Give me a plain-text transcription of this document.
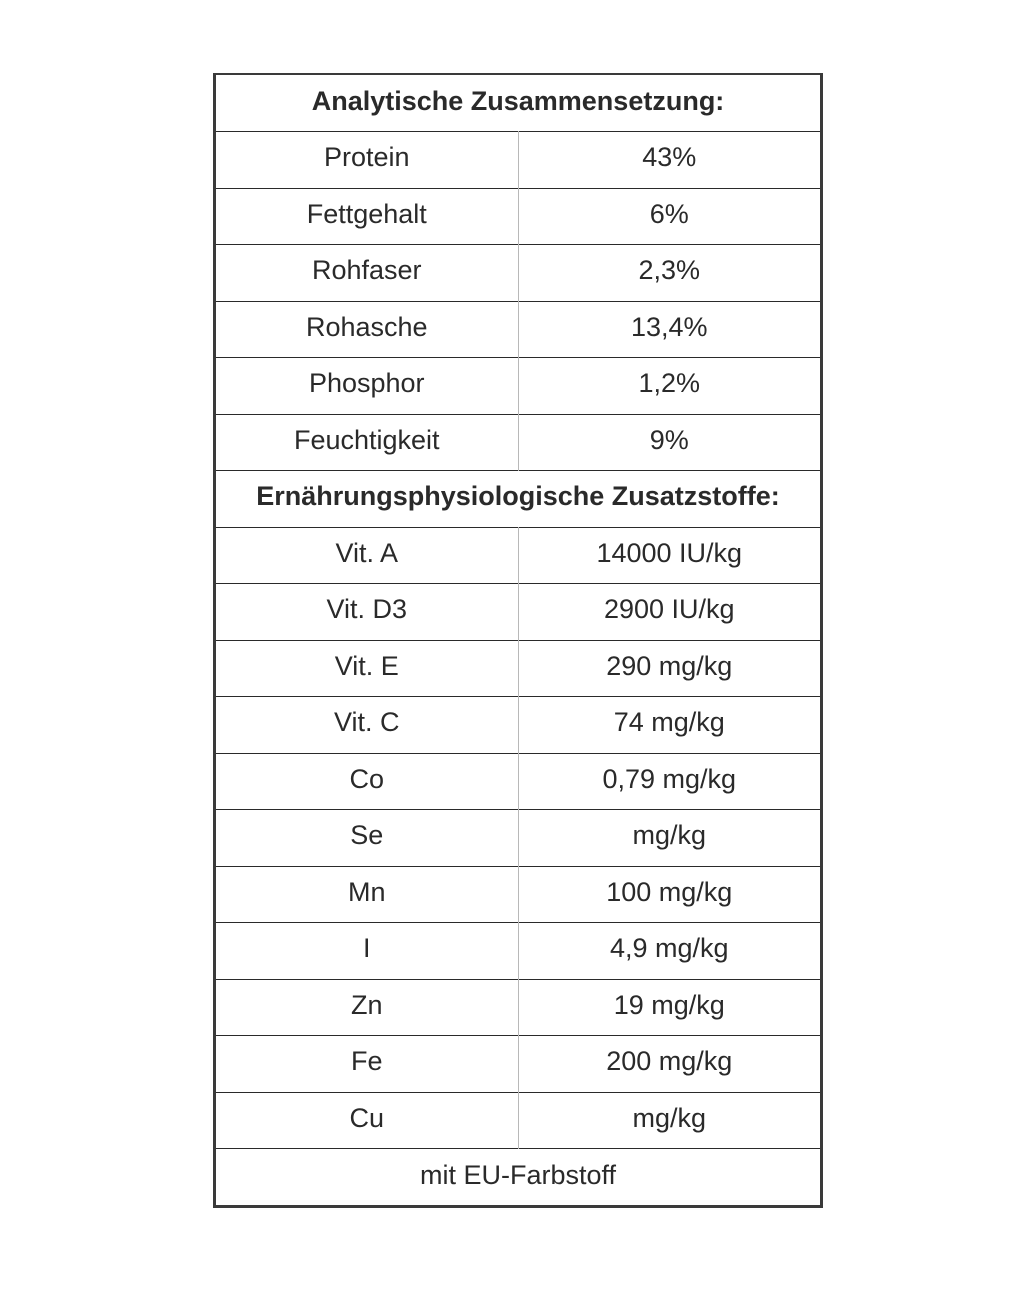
Analytische Zusammensetzung:	
Protein	43%
Fettgehalt	6%
Rohfaser	2,3%
Rohasche	13,4%
Phosphor	1,2%
Feuchtigkeit	9%
Ernährungsphysiologische Zusatzstoffe:	
Vit. A	14000 IU/kg
Vit. D3	2900 IU/kg
Vit. E	290 mg/kg
Vit. C	74 mg/kg
Co	0,79 mg/kg
Se	mg/kg
Mn	100 mg/kg
I	4,9 mg/kg
Zn	19 mg/kg
Fe	200 mg/kg
Cu	mg/kg
mit EU-Farbstoff	
